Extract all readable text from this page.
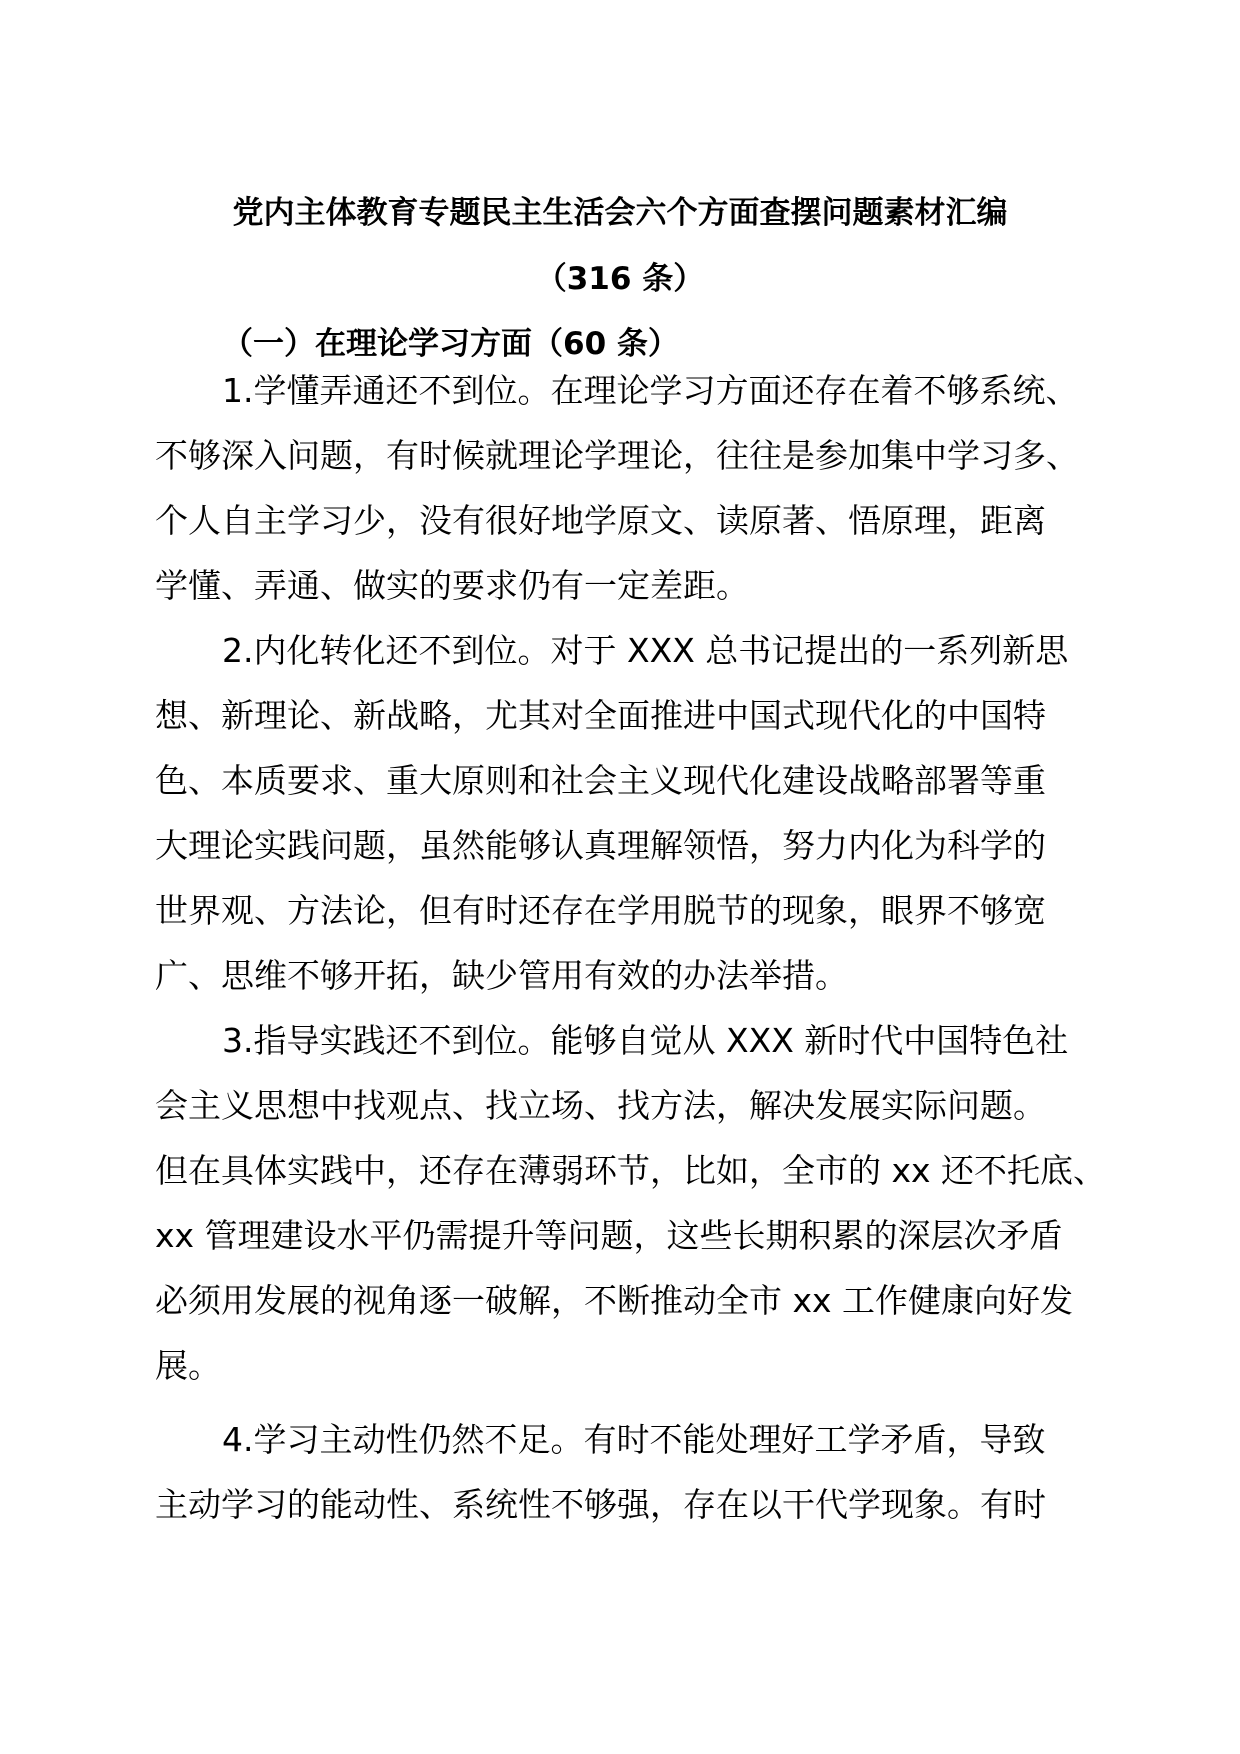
党内主体教育专题民主生活会六个方面查摆问题素材汇编
（316 条）
（一）在理论学习方面（60 条）
1.学懂弄通还不到位。在理论学习方面还存在着不够系统、
不够深入问题，有时候就理论学理论，往往是参加集中学习多、
个人自主学习少，没有很好地学原文、读原著、悟原理，距离
学懂、弄通、做实的要求仍有一定差距。
2.内化转化还不到位。对于 XXX 总书记提出的一系列新思
想、新理论、新战略，尤其对全面推进中国式现代化的中国特
色、本质要求、重大原则和社会主义现代化建设战略部署等重
大理论实践问题，虽然能够认真理解领悟，努力内化为科学的
世界观、方法论，但有时还存在学用脱节的现象，眼界不够宽
广、思维不够开拓，缺少管用有效的办法举措。
3.指导实践还不到位。能够自觉从 XXX 新时代中国特色社
会主义思想中找观点、找立场、找方法，解决发展实际问题。
但在具体实践中，还存在薄弱环节，比如，全市的 xx 还不托底、
xx 管理建设水平仍需提升等问题，这些长期积累的深层次矛盾
必须用发展的视角逐一破解，不断推动全市 xx 工作健康向好发
展。
4.学习主动性仍然不足。有时不能处理好工学矛盾，导致
主动学习的能动性、系统性不够强，存在以干代学现象。有时
